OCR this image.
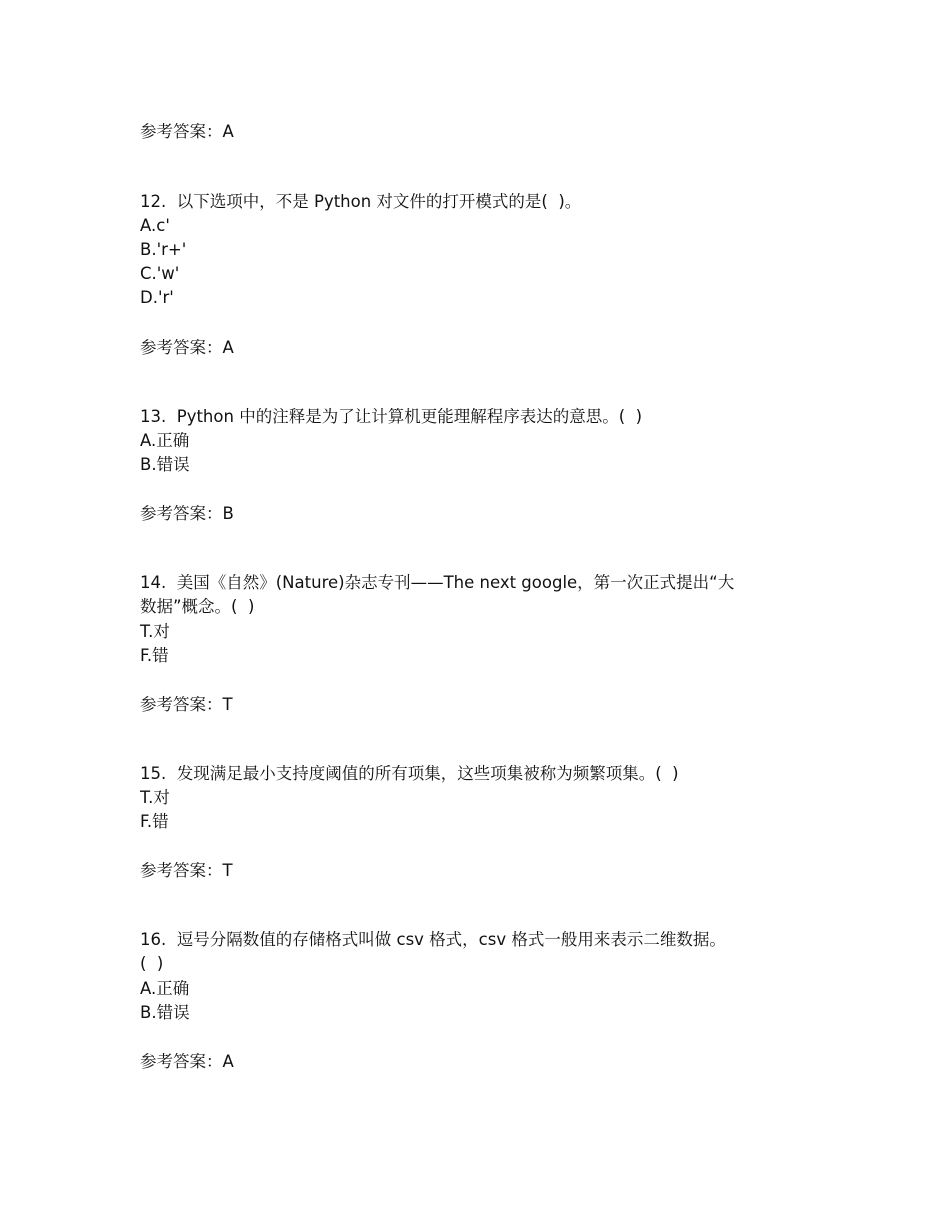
参考答案：A
12. 以下选项中，不是 Python 对文件的打开模式的是(  )。
A.c'
B.'r+'
C.'w'
D.'r'
参考答案：A
13. Python 中的注释是为了让计算机更能理解程序表达的意思。(  )
A.正确
B.错误
参考答案：B
14. 美国《自然》(Nature)杂志专刊——The next google，第一次正式提出“大
数据”概念。(  )
T.对
F.错
参考答案：T
15. 发现满足最小支持度阈值的所有项集，这些项集被称为频繁项集。(  )
T.对
F.错
参考答案：T
16. 逗号分隔数值的存储格式叫做 csv 格式，csv 格式一般用来表示二维数据。
(  )
A.正确
B.错误
参考答案：A
